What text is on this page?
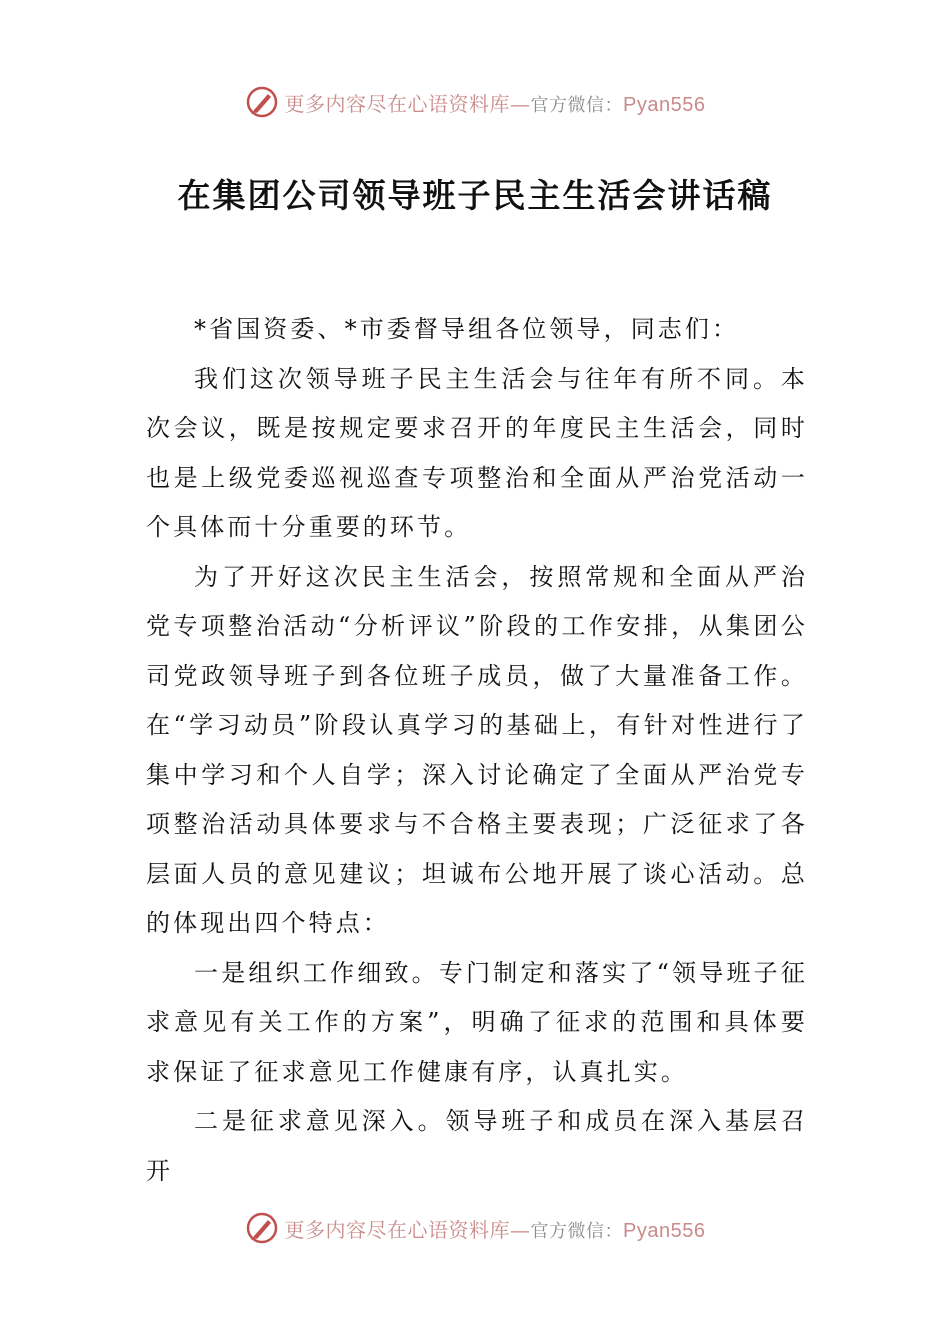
更多内容尽在心语资料库—官方微信：Pyan556
在集团公司领导班子民主生活会讲话稿

*省国资委、*市委督导组各位领导，同志们：

我们这次领导班子民主生活会与往年有所不同。本次会议，既是按规定要求召开的年度民主生活会，同时也是上级党委巡视巡查专项整治和全面从严治党活动一个具体而十分重要的环节。

为了开好这次民主生活会，按照常规和全面从严治党专项整治活动“分析评议”阶段的工作安排，从集团公司党政领导班子到各位班子成员，做了大量准备工作。在“学习动员”阶段认真学习的基础上，有针对性进行了集中学习和个人自学；深入讨论确定了全面从严治党专项整治活动具体要求与不合格主要表现；广泛征求了各层面人员的意见建议；坦诚布公地开展了谈心活动。总的体现出四个特点：

一是组织工作细致。专门制定和落实了“领导班子征求意见有关工作的方案”，明确了征求的范围和具体要求保证了征求意见工作健康有序，认真扎实。

二是征求意见深入。领导班子和成员在深入基层召开

更多内容尽在心语资料库—官方微信：Pyan556
